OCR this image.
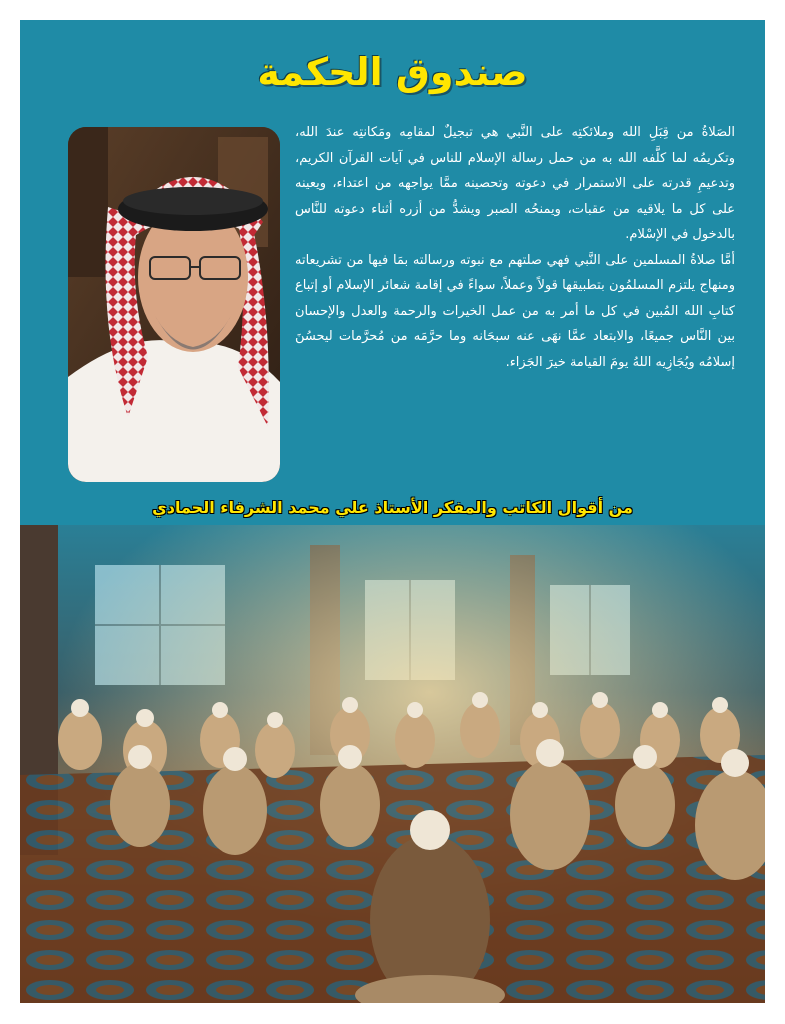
صندوق الحكمة
الصَلاةُ من قِبَلِ الله وملائكتِه على النَّبي هي تبجيلٌ لمقامِه ومَكانتِه عندَ الله، وتكريمُه لما كلَّفه الله به من حمل رسالة الإسلام للناس في آيات القرآن الكريم، وتدعيمِ قدرته على الاستمرار في دعوته وتحصينه ممَّا يواجهه من اعتداء، ويعينه على كل ما يلاقيه من عقبات، ويمنحُه الصبر ويشدُّ من أزره أثناء دعوته للنَّاس بالدخول في الإسْلام.
أمَّا صلاةُ المسلمين على النَّبي فهي صلتهم مع نبوته ورسالته بمَا فيها من تشريعاته ومنهاج يلتزم المسلمُون بتطبيقها قولاً وعملاً، سواءً في إقامة شعائر الإسلام أو إتباع كتابِ الله المُبين في كل ما أمر به من عمل الخيرات والرحمة والعدل والإحسان بين النَّاس جميعًا، والابتعاد عمَّا نهَى عنه سبحَانه وما حرَّمَه من مُحرَّمات ليحسُنَ إسلامُه ويُجَازِيه اللهُ يومَ القيامة خيرَ الجَزاء.
من أقوال الكاتب والمفكر الأستاذ علي محمد الشرفاء الحمادي
